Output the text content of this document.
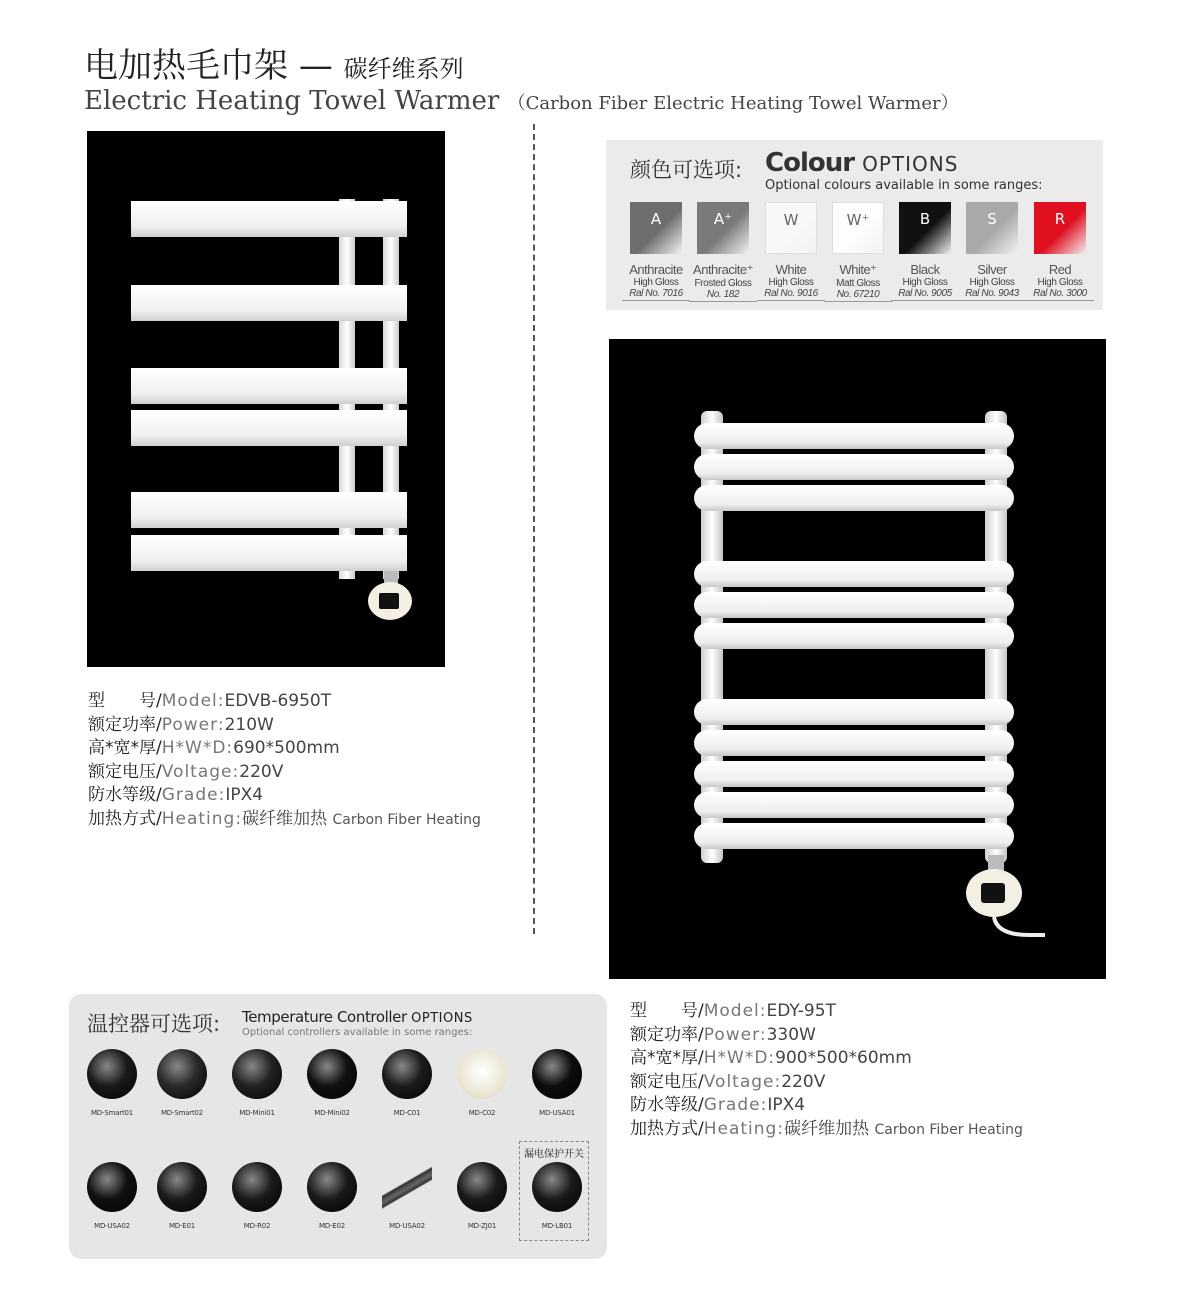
电加热毛巾架 — 碳纤维系列
Electric Heating Towel Warmer （Carbon Fiber Electric Heating Towel Warmer）
型　　号/Model:EDVB-6950T
额定功率/Power:210W
高*宽*厚/H*W*D:690*500mm
额定电压/Voltage:220V
防水等级/Grade:IPX4
加热方式/Heating:碳纤维加热 Carbon Fiber Heating
颜色可选项: Colour OPTIONS
Optional colours available in some ranges:
A
Anthracite
High Gloss
Ral No. 7016
A⁺
Anthracite⁺
Frosted Gloss
No. 182
W
White
High Gloss
Ral No. 9016
W⁺
White⁺
Matt Gloss
No. 67210
B
Black
High Gloss
Ral No. 9005
S
Silver
High Gloss
Ral No. 9043
R
Red
High Gloss
Ral No. 3000
型　　号/Model:EDY-95T
额定功率/Power:330W
高*宽*厚/H*W*D:900*500*60mm
额定电压/Voltage:220V
防水等级/Grade:IPX4
加热方式/Heating:碳纤维加热 Carbon Fiber Heating
温控器可选项: Temperature Controller OPTIONS
Optional controllers available in some ranges:
漏电保护开关
MD-Smart01	MD-Smart02	MD-Mini01	MD-Mini02	MD-C01	MD-C02	MD-USA01
MD-USA02	MD-E01	MD-R02	MD-E02	MD-USA02	MD-ZJ01	MD-LB01
